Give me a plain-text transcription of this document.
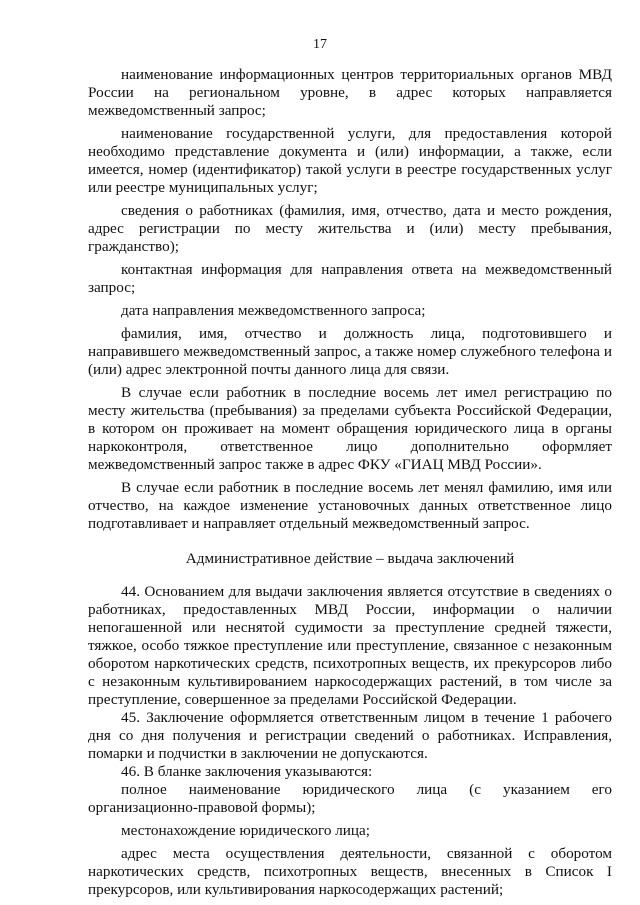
17

наименование информационных центров территориальных органов МВД России на региональном уровне, в адрес которых направляется межведомственный запрос;

наименование государственной услуги, для предоставления которой необходимо представление документа и (или) информации, а также, если имеется, номер (идентификатор) такой услуги в реестре государственных услуг или реестре муниципальных услуг;

сведения о работниках (фамилия, имя, отчество, дата и место рождения, адрес регистрации по месту жительства и (или) месту пребывания, гражданство);

контактная информация для направления ответа на межведомственный запрос;

дата направления межведомственного запроса;

фамилия, имя, отчество и должность лица, подготовившего и направившего межведомственный запрос, а также номер служебного телефона и (или) адрес электронной почты данного лица для связи.

В случае если работник в последние восемь лет имел регистрацию по месту жительства (пребывания) за пределами субъекта Российской Федерации, в котором он проживает на момент обращения юридического лица в органы наркоконтроля, ответственное лицо дополнительно оформляет межведомственный запрос также в адрес ФКУ «ГИАЦ МВД России».

В случае если работник в последние восемь лет менял фамилию, имя или отчество, на каждое изменение установочных данных ответственное лицо подготавливает и направляет отдельный межведомственный запрос.

Административное действие – выдача заключений

44. Основанием для выдачи заключения является отсутствие в сведениях о работниках, предоставленных МВД России, информации о наличии непогашенной или неснятой судимости за преступление средней тяжести, тяжкое, особо тяжкое преступление или преступление, связанное с незаконным оборотом наркотических средств, психотропных веществ, их прекурсоров либо с незаконным культивированием наркосодержащих растений, в том числе за преступление, совершенное за пределами Российской Федерации.

45. Заключение оформляется ответственным лицом в течение 1 рабочего дня со дня получения и регистрации сведений о работниках. Исправления, помарки и подчистки в заключении не допускаются.

46. В бланке заключения указываются:

полное наименование юридического лица (с указанием его организационно-правовой формы);

местонахождение юридического лица;

адрес места осуществления деятельности, связанной с оборотом наркотических средств, психотропных веществ, внесенных в Список I прекурсоров, или культивирования наркосодержащих растений;
